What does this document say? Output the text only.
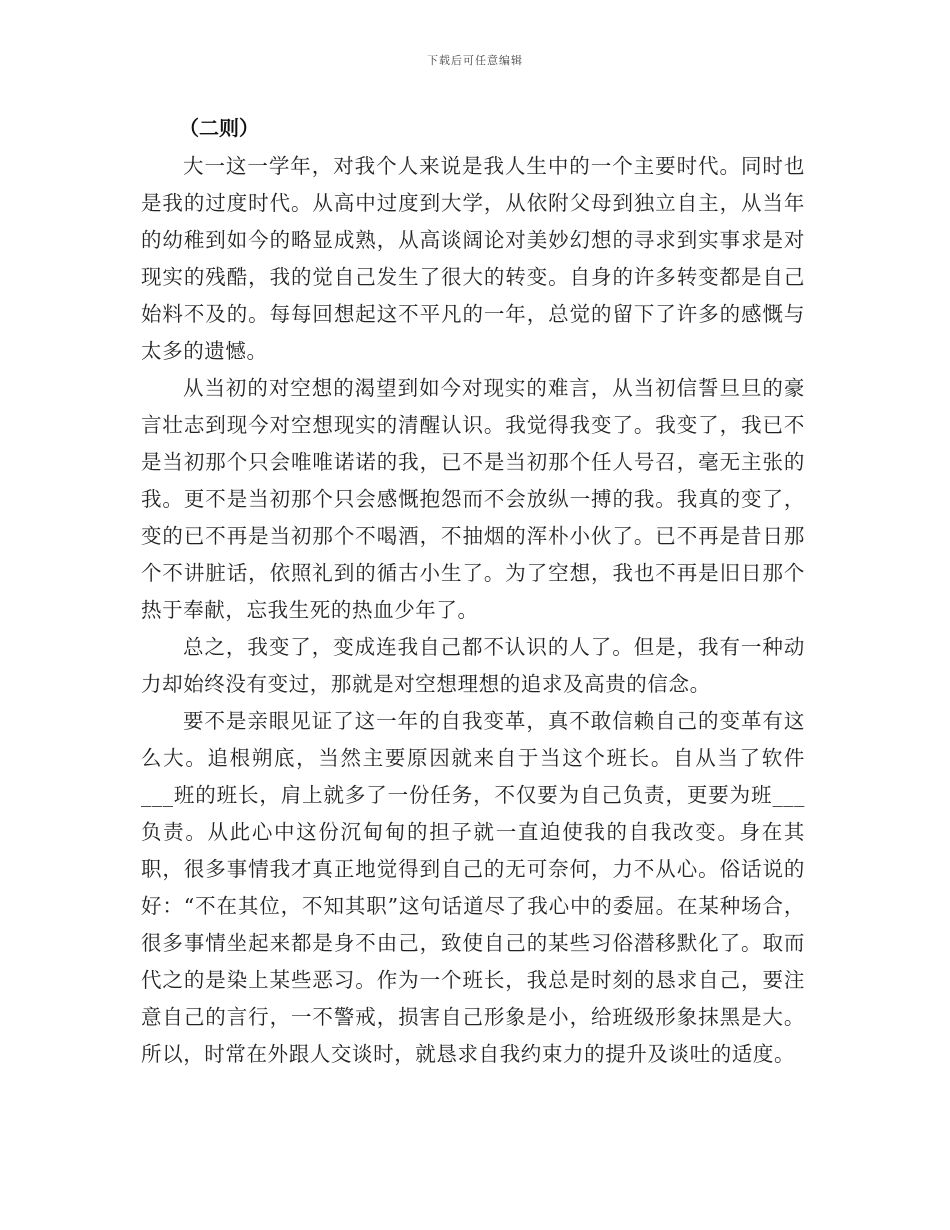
下载后可任意编辑
（二则）

大一这一学年，对我个人来说是我人生中的一个主要时代。同时也是我的过度时代。从高中过度到大学，从依附父母到独立自主，从当年的幼稚到如今的略显成熟，从高谈阔论对美妙幻想的寻求到实事求是对现实的残酷，我的觉自己发生了很大的转变。自身的许多转变都是自己始料不及的。每每回想起这不平凡的一年，总觉的留下了许多的感慨与太多的遗憾。

从当初的对空想的渴望到如今对现实的难言，从当初信誓旦旦的豪言壮志到现今对空想现实的清醒认识。我觉得我变了。我变了，我已不是当初那个只会唯唯诺诺的我，已不是当初那个任人号召，毫无主张的我。更不是当初那个只会感慨抱怨而不会放纵一搏的我。我真的变了，变的已不再是当初那个不喝酒，不抽烟的浑朴小伙了。已不再是昔日那个不讲脏话，依照礼到的循古小生了。为了空想，我也不再是旧日那个热于奉献，忘我生死的热血少年了。

总之，我变了，变成连我自己都不认识的人了。但是，我有一种动力却始终没有变过，那就是对空想理想的追求及高贵的信念。

要不是亲眼见证了这一年的自我变革，真不敢信赖自己的变革有这么大。追根朔底，当然主要原因就来自于当这个班长。自从当了软件___班的班长，肩上就多了一份任务，不仅要为自己负责，更要为班___负责。从此心中这份沉甸甸的担子就一直迫使我的自我改变。身在其职，很多事情我才真正地觉得到自己的无可奈何，力不从心。俗话说的好：“不在其位，不知其职”这句话道尽了我心中的委屈。在某种场合，很多事情坐起来都是身不由己，致使自己的某些习俗潜移默化了。取而代之的是染上某些恶习。作为一个班长，我总是时刻的恳求自己，要注意自己的言行，一不警戒，损害自己形象是小，给班级形象抹黑是大。所以，时常在外跟人交谈时，就恳求自我约束力的提升及谈吐的适度。
